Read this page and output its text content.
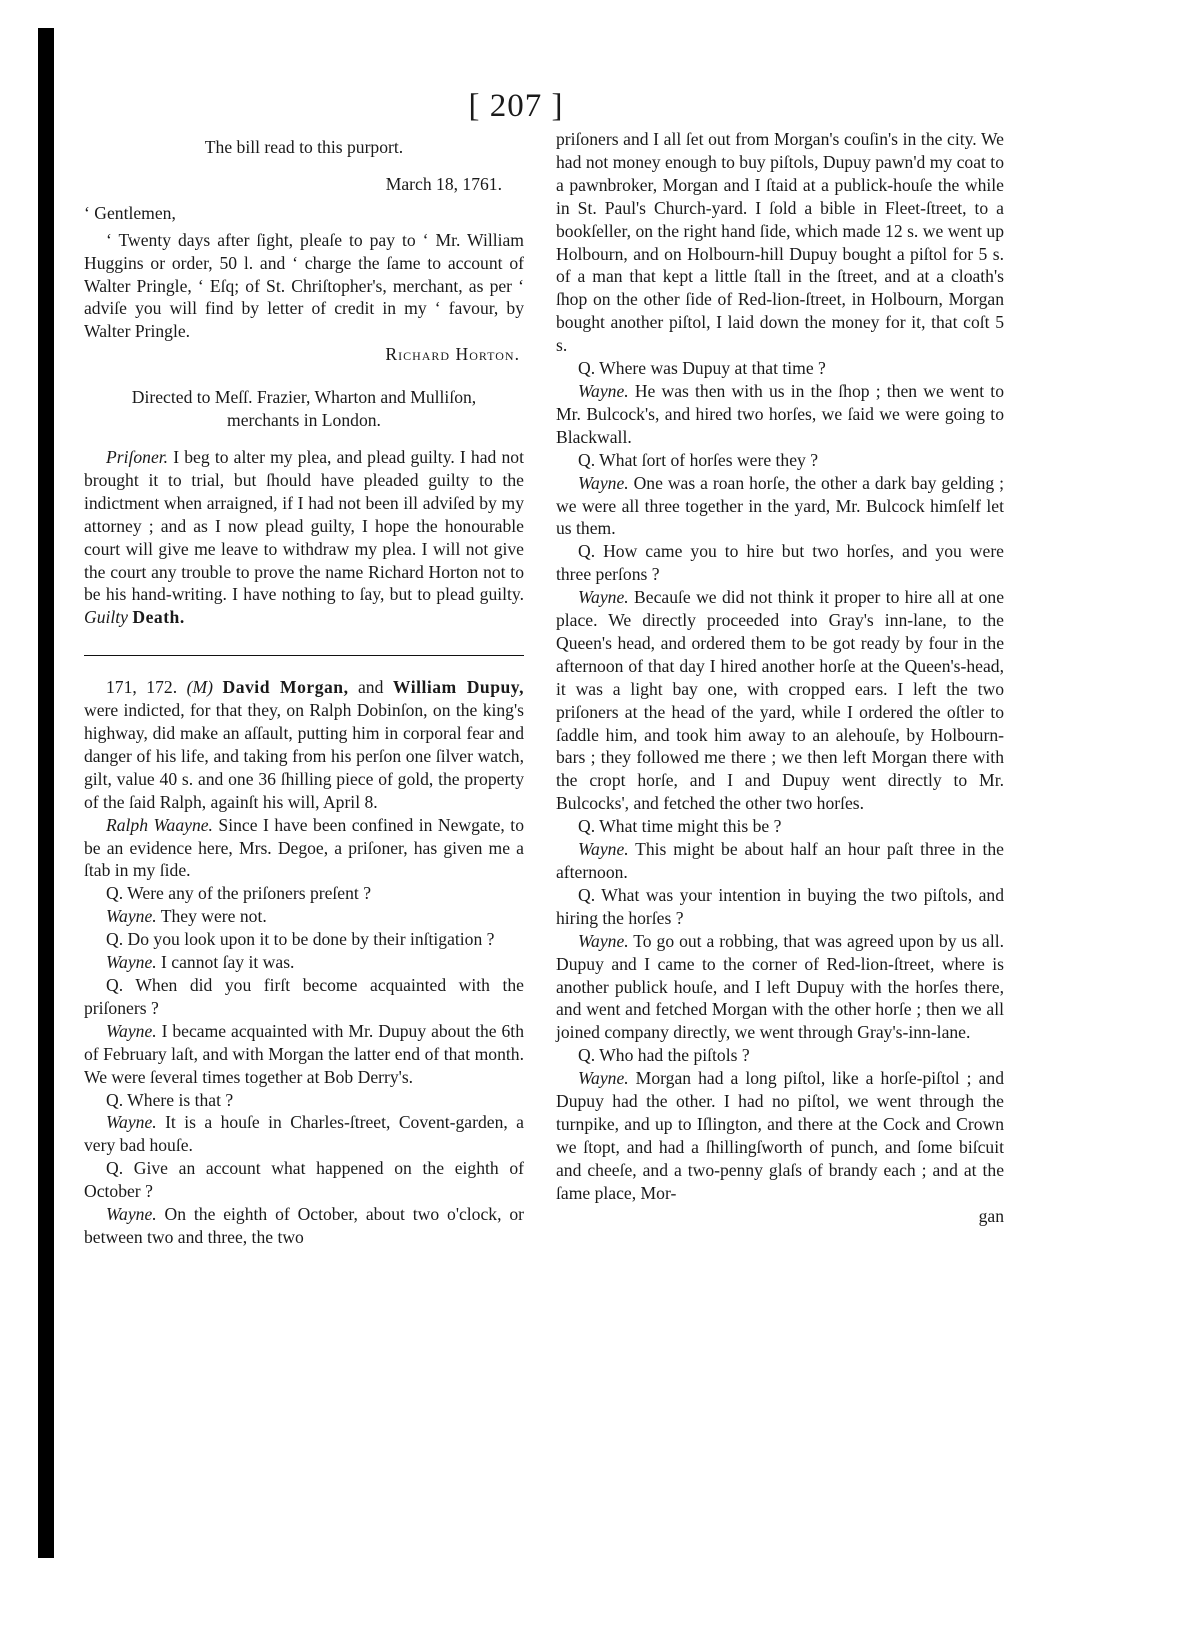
[ 207 ]

The bill read to this purport.

March 18, 1761.

‘ Gentlemen,

‘ Twenty days after ſight, pleaſe to pay to ‘ Mr. William Huggins or order, 50 l. and ‘ charge the ſame to account of Walter Pringle, ‘ Eſq; of St. Chriſtopher's, merchant, as per ‘ adviſe you will find by letter of credit in my ‘ favour, by Walter Pringle.

Richard Horton.

Directed to Meſſ. Frazier, Wharton and Mulliſon, merchants in London.

Priſoner. I beg to alter my plea, and plead guilty. I had not brought it to trial, but ſhould have pleaded guilty to the indictment when arraigned, if I had not been ill adviſed by my attorney ; and as I now plead guilty, I hope the honourable court will give me leave to withdraw my plea. I will not give the court any trouble to prove the name Richard Horton not to be his hand-writing. I have nothing to ſay, but to plead guilty. Guilty Death.

171, 172. (M) David Morgan, and William Dupuy, were indicted, for that they, on Ralph Dobinſon, on the king's highway, did make an aſſault, putting him in corporal fear and danger of his life, and taking from his perſon one ſilver watch, gilt, value 40 s. and one 36 ſhilling piece of gold, the property of the ſaid Ralph, againſt his will, April 8.

Ralph Waayne. Since I have been confined in Newgate, to be an evidence here, Mrs. Degoe, a priſoner, has given me a ſtab in my ſide.

Q. Were any of the priſoners preſent ?

Wayne. They were not.

Q. Do you look upon it to be done by their inſtigation ?

Wayne. I cannot ſay it was.

Q. When did you firſt become acquainted with the priſoners ?

Wayne. I became acquainted with Mr. Dupuy about the 6th of February laſt, and with Morgan the latter end of that month. We were ſeveral times together at Bob Derry's.

Q. Where is that ?

Wayne. It is a houſe in Charles-ſtreet, Covent-garden, a very bad houſe.

Q. Give an account what happened on the eighth of October ?

Wayne. On the eighth of October, about two o'clock, or between two and three, the two

priſoners and I all ſet out from Morgan's couſin's in the city. We had not money enough to buy piſtols, Dupuy pawn'd my coat to a pawnbroker, Morgan and I ſtaid at a publick-houſe the while in St. Paul's Church-yard. I ſold a bible in Fleet-ſtreet, to a bookſeller, on the right hand ſide, which made 12 s. we went up Holbourn, and on Holbourn-hill Dupuy bought a piſtol for 5 s. of a man that kept a little ſtall in the ſtreet, and at a cloath's ſhop on the other ſide of Red-lion-ſtreet, in Holbourn, Morgan bought another piſtol, I laid down the money for it, that coſt 5 s.

Q. Where was Dupuy at that time ?

Wayne. He was then with us in the ſhop ; then we went to Mr. Bulcock's, and hired two horſes, we ſaid we were going to Blackwall.

Q. What ſort of horſes were they ?

Wayne. One was a roan horſe, the other a dark bay gelding ; we were all three together in the yard, Mr. Bulcock himſelf let us them.

Q. How came you to hire but two horſes, and you were three perſons ?

Wayne. Becauſe we did not think it proper to hire all at one place. We directly proceeded into Gray's inn-lane, to the Queen's head, and ordered them to be got ready by four in the afternoon of that day I hired another horſe at the Queen's-head, it was a light bay one, with cropped ears. I left the two priſoners at the head of the yard, while I ordered the oſtler to ſaddle him, and took him away to an alehouſe, by Holbourn-bars ; they followed me there ; we then left Morgan there with the cropt horſe, and I and Dupuy went directly to Mr. Bulcocks', and fetched the other two horſes.

Q. What time might this be ?

Wayne. This might be about half an hour paſt three in the afternoon.

Q. What was your intention in buying the two piſtols, and hiring the horſes ?

Wayne. To go out a robbing, that was agreed upon by us all. Dupuy and I came to the corner of Red-lion-ſtreet, where is another publick houſe, and I left Dupuy with the horſes there, and went and fetched Morgan with the other horſe ; then we all joined company directly, we went through Gray's-inn-lane.

Q. Who had the piſtols ?

Wayne. Morgan had a long piſtol, like a horſe-piſtol ; and Dupuy had the other. I had no piſtol, we went through the turnpike, and up to Iſlington, and there at the Cock and Crown we ſtopt, and had a ſhillingſworth of punch, and ſome biſcuit and cheeſe, and a two-penny glaſs of brandy each ; and at the ſame place, Mor-

gan
